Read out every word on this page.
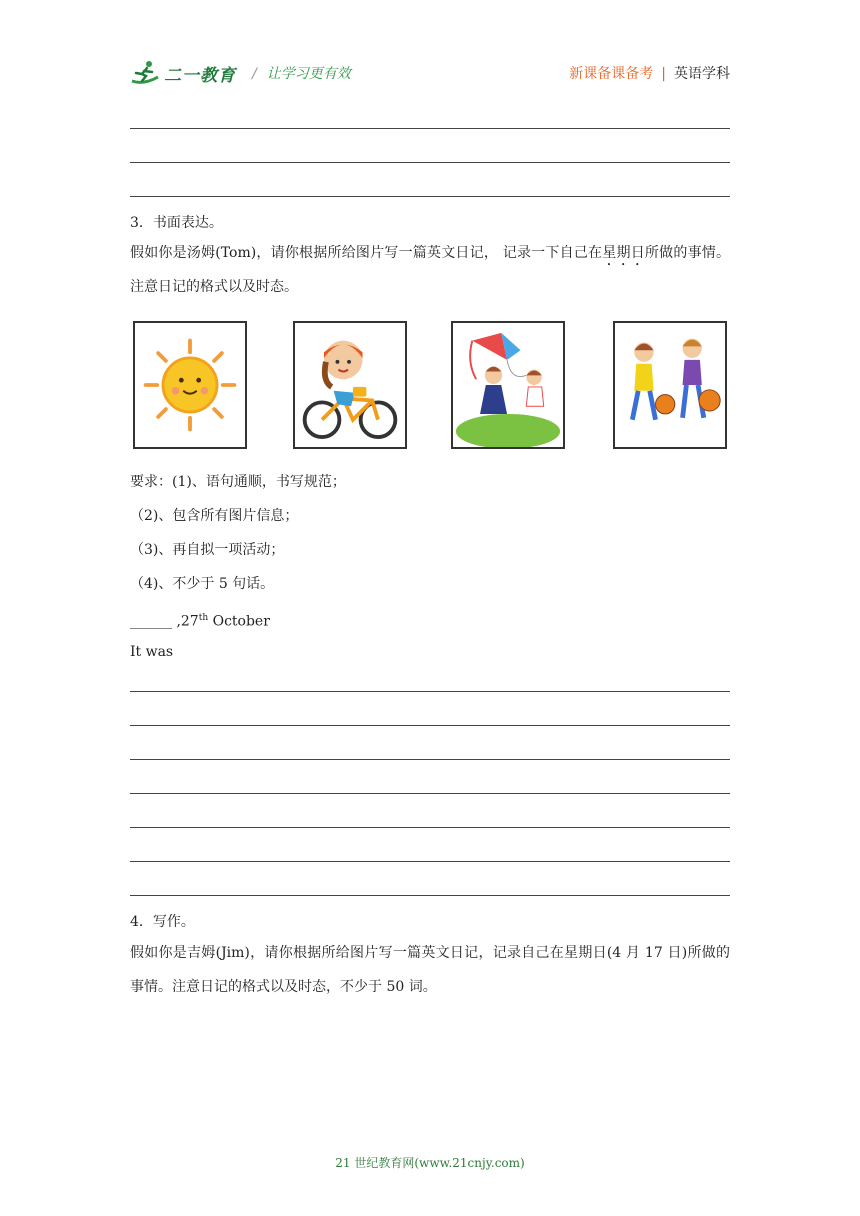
二一教育 / 让学习更有效	新课备课备考 | 英语学科
3．书面表达。
假如你是汤姆(Tom)，请你根据所给图片写一篇英文日记， 记录一下自己在星期日所做的事情。注意日记的格式以及时态。
要求：(1)、语句通顺，书写规范；
（2)、包含所有图片信息；
（3)、再自拟一项活动；
（4)、不少于 5 句话。
______ ,27th October
It was
4．写作。
假如你是吉姆(Jim)，请你根据所给图片写一篇英文日记，记录自己在星期日(4 月 17 日)所做的事情。注意日记的格式以及时态，不少于 50 词。
21 世纪教育网(www.21cnjy.com)
